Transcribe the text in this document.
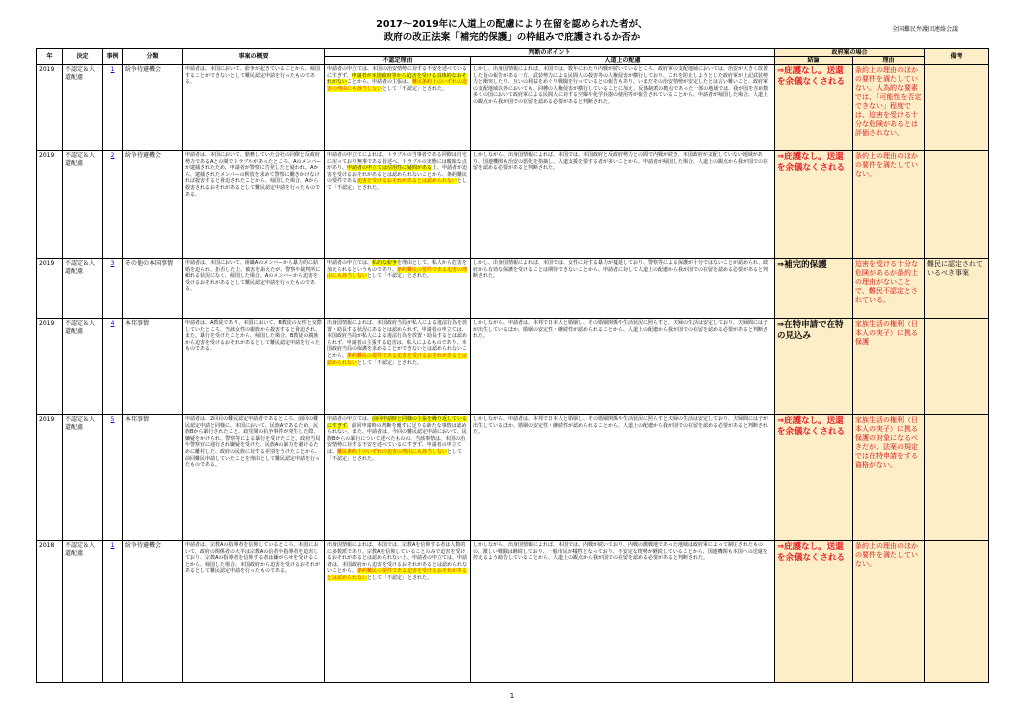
2017～2019年に人道上の配慮により在留を認められた者が、
政府の改正法案「補完的保護」の枠組みで庇護されるか否か
全国難民弁護団連絡会議
年	決定	事例	分類	事案の概要	判断のポイント		政府案の場合		備考
					不認定理由	人道上の配慮	結論	理由	
2019	不認定＆人道配慮	1	紛争待避機会	申請者は、本国において、紛争が起きていることから、帰国することができないとして難民認定申請を行ったものである。	申請者の申立ては、本国の治安情勢に対する不安を述べているにすぎず、申請者が本国政府等から迫害を受ける具体的なおそれがないことから、申請者の主張は、難民条約上のいずれの迫害の理由にも該当しないとして「不認定」とされた。	しかし、出身国情報によれば、本国では、数年にわたり内戦が続いているところ、政府軍の支配地域においては、治安が大きく改善した旨の報告がある一方、武装勢力による民間人の殺害等の人権侵害が横行しており、これを防止しようとした政府軍が上記武装勢力と衝突したり、互いの利益をめぐり戦闘を行っているとの報告もあり、いまだその治安情勢が安定したとは言い難いこと、政府軍の支配地域以外においても、同種の人権侵害が横行していることに加え、反体制派の拠点であった一部の地域では、我が国を含め数多くの国において政府軍による民間人に対する空爆や化学兵器の使用等が報告されていることから、申請者が帰国した場合、人道上の観点から我が国での在留を認める必要があると判断された。	⇒庇護なし。送還を余儀なくされる	条約上の理由のほかの要件を満たしていない。人為的な要素では、「可能性を否定できない」程度では、迫害を受ける十分な危険があるとは評価されない。	
2019	不認定＆人道配慮	2	紛争待避機会	申請者は、本国において、勤務していた会社の同僚と反政府勢力であるAとの間でトラブルがあったところ、Aのメンバーが逮捕されたため、申請者が警察に告発したと疑われ、Aから、逮捕されたメンバーの釈放を求めて警察に働きかけなければ殺害すると脅迫されたことから、帰国した場合、Aから殺害されるおそれがあるとして難民認定申請を行ったものである。	申請者の申立てによれば、トラブルの当事者である同僚は自宅に戻っており無事である旨述べ、トラブルの実態には曖昧な点があり、申請者の申立ては信用性に疑問がある上、申請者が迫害を受けるおそれがあるとは認められないことから、条約難民の要件である迫害を受けるおそれがあるとは認められないとして「不認定」とされた。	しかしながら、出身国情報によれば、本国では、本国政府と反政府勢力との間で内戦が続き、本国政府が支配していない地域があり、国連機関も治安の悪化を指摘し、人道支援を要する者が多いことから、申請者が帰国した場合、人道上の観点から我が国での在留を認める必要があると判断された。	⇒庇護なし。送還を余儀なくされる	条約上の理由のほかの要件を満たしていない。	
2019	不認定＆人道配慮	3	その他の本国事情	申請者は、本国において、組織Aのメンバーから暴力的に結婚を迫られ、拒否した上、被害を訴えたが、警察や裁判所に頼れる状況になく、帰国した場合、Aのメンバーから迫害を受けるおそれがあるとして難民認定申請を行ったものである。	申請者の申立ては、私的な紛争を理由として、私人から危害を加えられるというものであり、条約難民の要件である迫害の理由にも該当しないとして「不認定」とされた。	しかし、出身国情報によれば、本国では、女性に対する暴力が蔓延しており、警察等による保護が十分ではないことが認められ、政府から有効な保護を受けることは期待できないことから、申請者に対して人道上の配慮から我が国での在留を認める必要があると判断された。	⇒補完的保護	迫害を受ける十分な危険があるが条約上の理由がないことで、難民不認定とされている。	難民に認定されているべき事案
2019	不認定＆人道配慮	4	本邦事情	申請者は、A教徒であり、本国において、B教徒の女性と交際していたところ、当該女性の親族から殺害すると脅迫され、また、暴行を受けたことから、帰国した場合、B教徒の親族から迫害を受けるおそれがあるとして難民認定申請を行ったものである。	出身国情報によれば、本国政府当局が私人による違法行為を放置・助長する状況にあるとは認められず、申請者の申立ては、本国政府当局が私人による違法行為を放置・助長するとは認められず、申請者の主張する迫害は、私人によるものであり、本国政府当局の保護を求めることができないとは認められないことから、条約難民の要件である迫害を受けるおそれがあるとは認められないとして「不認定」とされた。	しかしながら、申請者は、本邦で日本人と婚姻し、その婚姻関係や生活状況に照らすと、夫婦の生活は安定しており、夫婦間には子が出生しているほか、婚姻の安定性・継続性が認められることから、人道上の配慮から我が国での在留を認める必要があると判断された。	⇒在特申請で在特の見込み	家族生活の権利（日本人の実子）に拠る保護	
2019	不認定＆人道配慮	5	本邦事情	申請者は、2回目の難民認定申請者であるところ、前回の難民認定申請と同様に、本国において、民族Aであるため、民族Bから暴行されたこと、政党間の抗争事件が発生した際、嫌疑をかけられ、警察等による暴行を受けたこと、政府当局や警察官に通行され嫌疑を受けた、民族Aの暴力を避けるために離村した、政府の民族に対する差別をうけたことから、前回難民申請していたことを理由として難民認定申請を行ったものである。	申請者の申立ては、前回申請時と同様の主張を繰り返しているにすぎず、前回申請時の判断を覆すに足りる新たな事情は認められない。また、申請者は、今回の難民認定申請において、民族Bからの暴行について述べたものの、当該事情は、本国の治安情勢に対する不安を述べているにすぎず、申請者の申立ては、難民条約上のいずれの迫害の理由にも該当しないとして「不認定」とされた。	しかしながら、申請者は、本邦で日本人と婚姻し、その婚姻関係や生活状況に照らすと夫婦の生活は安定しており、夫婦間には子が出生しているほか、婚姻の安定性・継続性が認められることから、人道上の配慮から我が国での在留を認める必要があると判断された。	⇒庇護なし。送還を余儀なくされる	家族生活の権利（日本人の実子）に拠る保護の対象になるべきだが、法案の規定では在特申請をする資格がない。	
2018	不認定＆人道配慮	1	紛争待避機会	申請者は、宗教Aの指導者を信仰しているところ、本国において、政府の関係者の大半は宗教Aの信者や指導者を迫害しており、宗教Aの指導者を信仰する者は嫌がらせを受けることから、帰国した場合、本国政府から迫害を受けるおそれがあるとして難民認定申請を行ったものである。	出身国情報によれば、本国では、宗教Aを信仰する者は人数的に多数派であり、宗教Aを信仰していることのみで迫害を受けるおそれがあるとは認められない上、申請者の申立ては、申請者は、本国政府から迫害を受けるおそれがあるとは認められないことから、条約難民の要件である迫害を受けるおそれがあるとは認められないとして「不認定」とされた。	しかしながら、出身国情報によれば、本国では、内戦が続いており、内戦の激戦地であった地域は政府軍によって制圧されたものの、激しい戦闘は継続しており、一般市民が犠牲となっており、不安定な情勢が継続していることから、国連機関も本国への送還を控えるよう勧告していることから、人道上の観点から我が国での在留を認める必要があると判断された。	⇒庇護なし。送還を余儀なくされる	条約上の理由のほかの要件を満たしていない。	
1
